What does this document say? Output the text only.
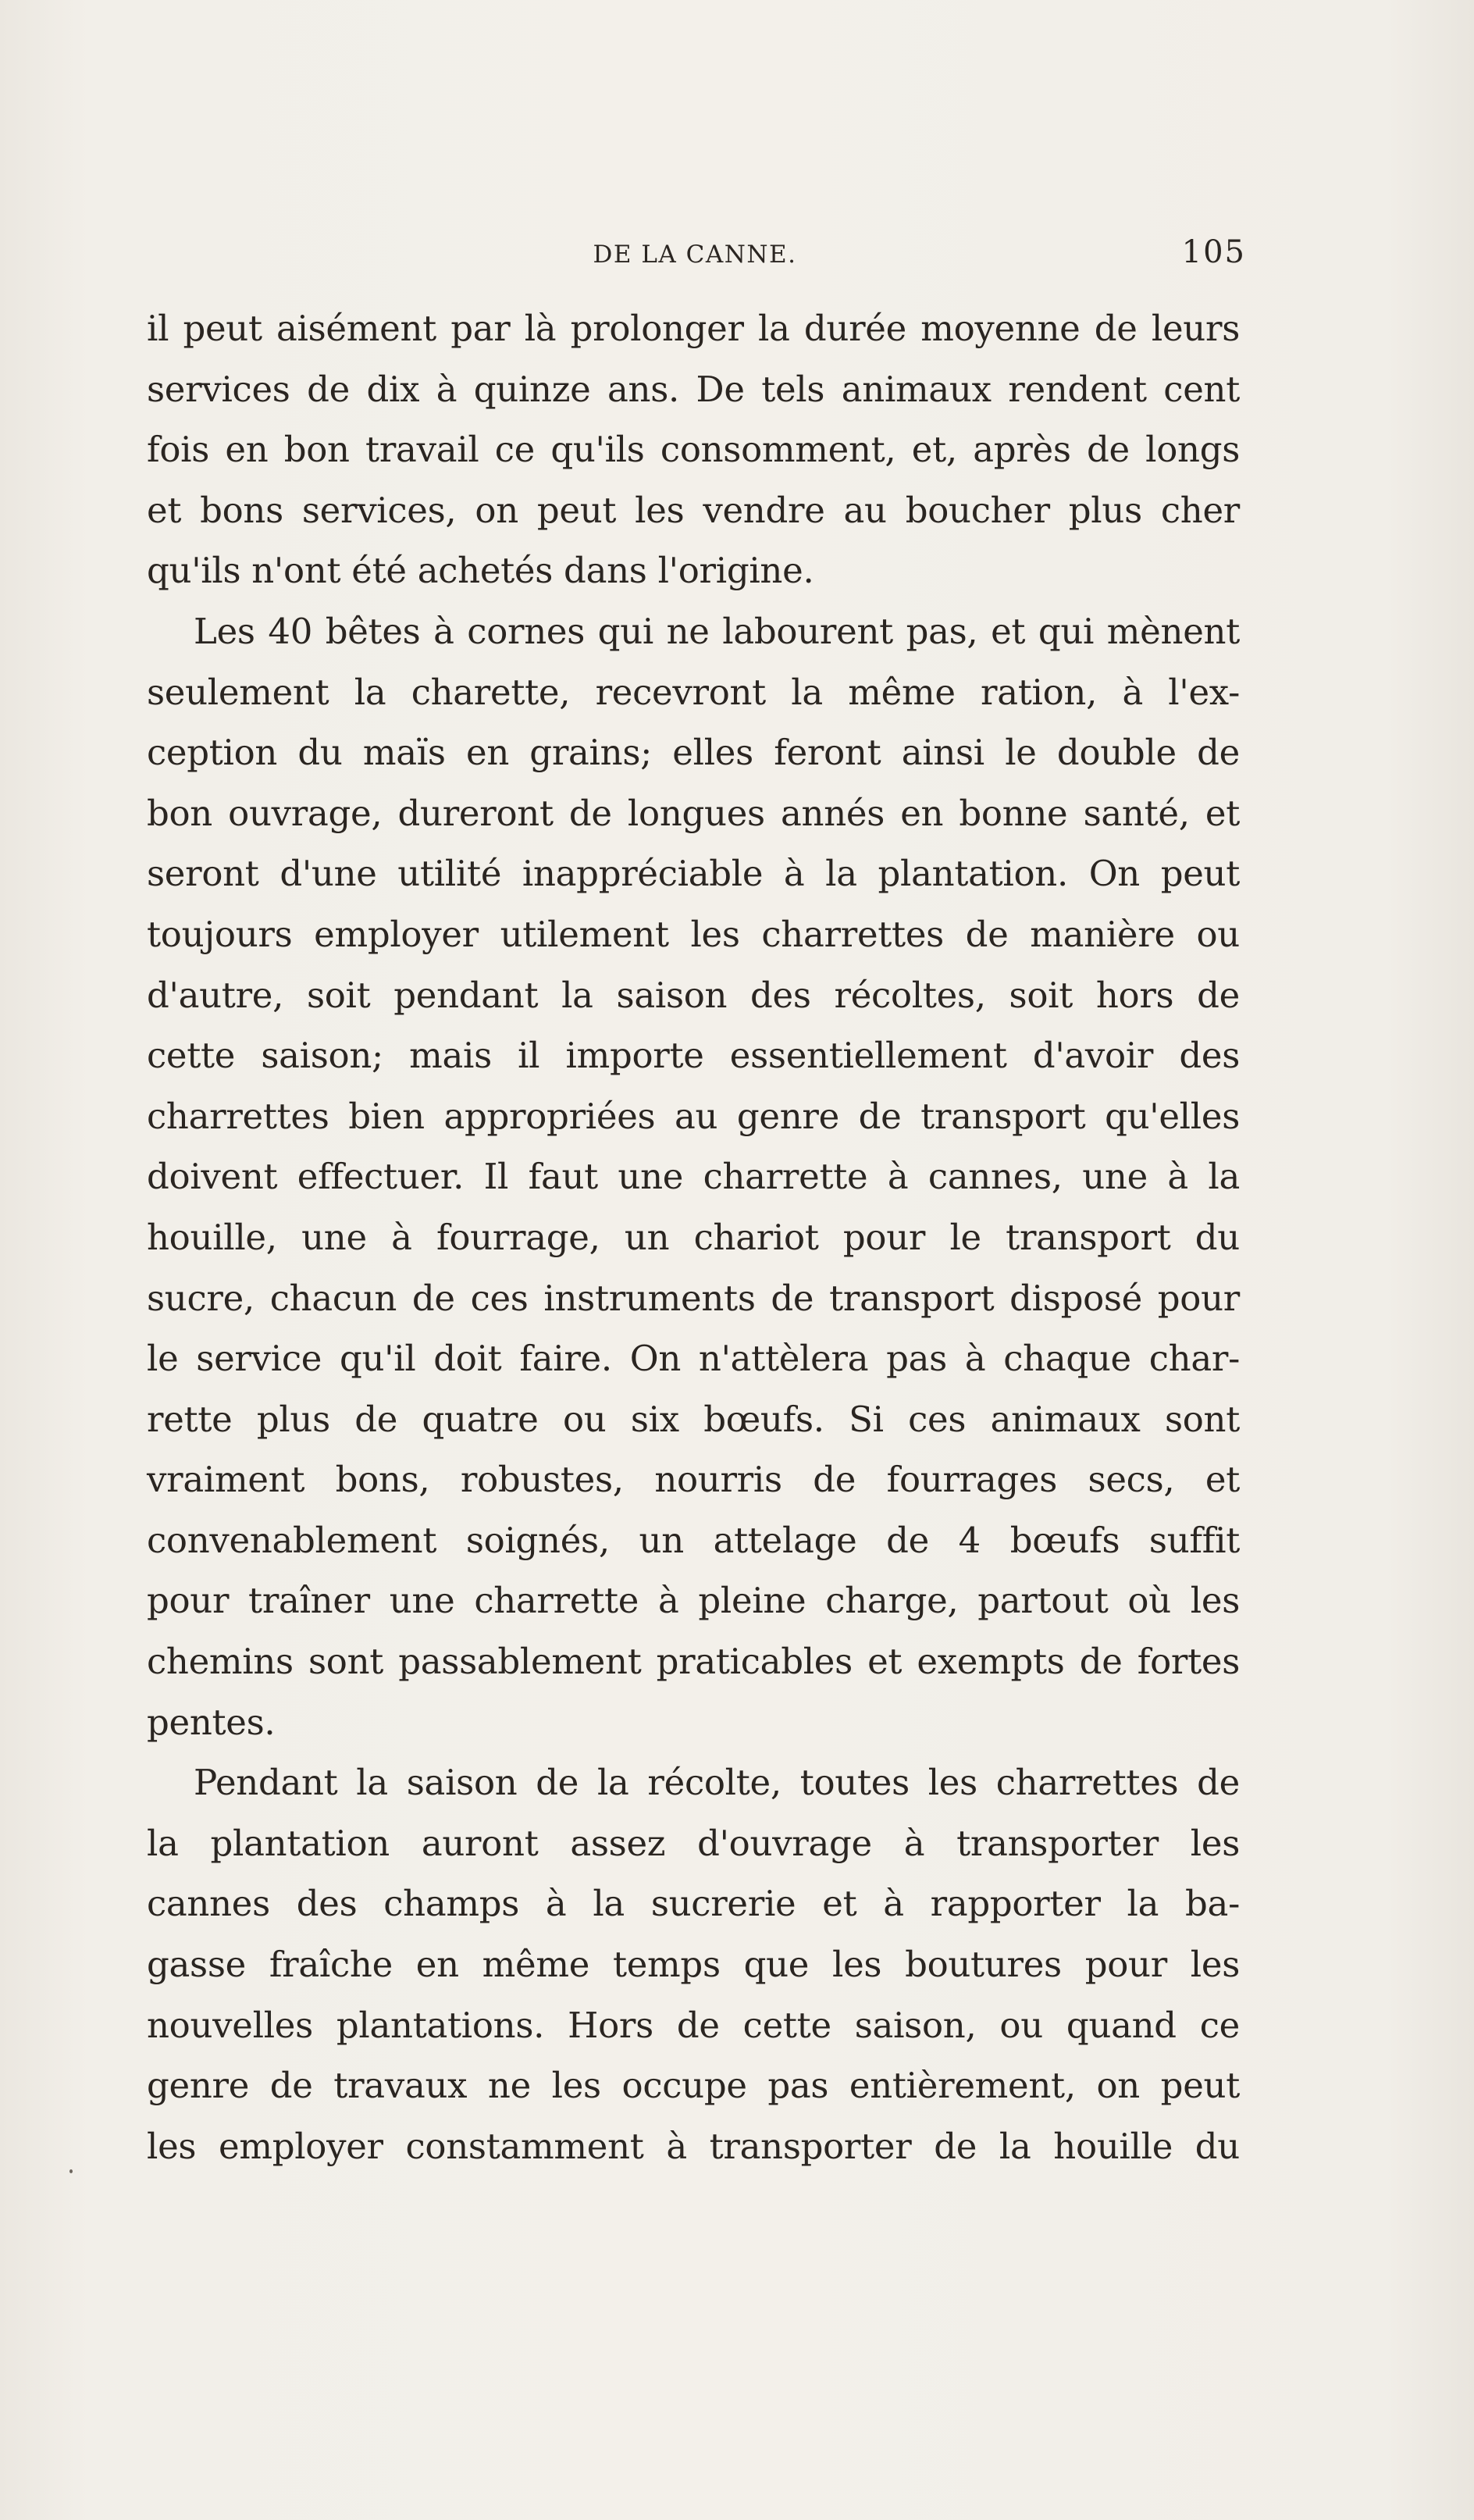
DE LA CANNE.	105
il peut aisément par là prolonger la durée moyenne de leurs
services de dix à quinze ans. De tels animaux rendent cent
fois en bon travail ce qu'ils consomment, et, après de longs
et bons services, on peut les vendre au boucher plus cher
qu'ils n'ont été achetés dans l'origine.
Les 40 bêtes à cornes qui ne labourent pas, et qui mènent
seulement la charette, recevront la même ration, à l'ex-
ception du maïs en grains; elles feront ainsi le double de
bon ouvrage, dureront de longues annés en bonne santé, et
seront d'une utilité inappréciable à la plantation. On peut
toujours employer utilement les charrettes de manière ou
d'autre, soit pendant la saison des récoltes, soit hors de
cette saison; mais il importe essentiellement d'avoir des
charrettes bien appropriées au genre de transport qu'elles
doivent effectuer. Il faut une charrette à cannes, une à la
houille, une à fourrage, un chariot pour le transport du
sucre, chacun de ces instruments de transport disposé pour
le service qu'il doit faire. On n'attèlera pas à chaque char-
rette plus de quatre ou six bœufs. Si ces animaux sont
vraiment bons, robustes, nourris de fourrages secs, et
convenablement soignés, un attelage de 4 bœufs suffit
pour traîner une charrette à pleine charge, partout où les
chemins sont passablement praticables et exempts de fortes
pentes.
Pendant la saison de la récolte, toutes les charrettes de
la plantation auront assez d'ouvrage à transporter les
cannes des champs à la sucrerie et à rapporter la ba-
gasse fraîche en même temps que les boutures pour les
nouvelles plantations. Hors de cette saison, ou quand ce
genre de travaux ne les occupe pas entièrement, on peut
les employer constamment à transporter de la houille du
